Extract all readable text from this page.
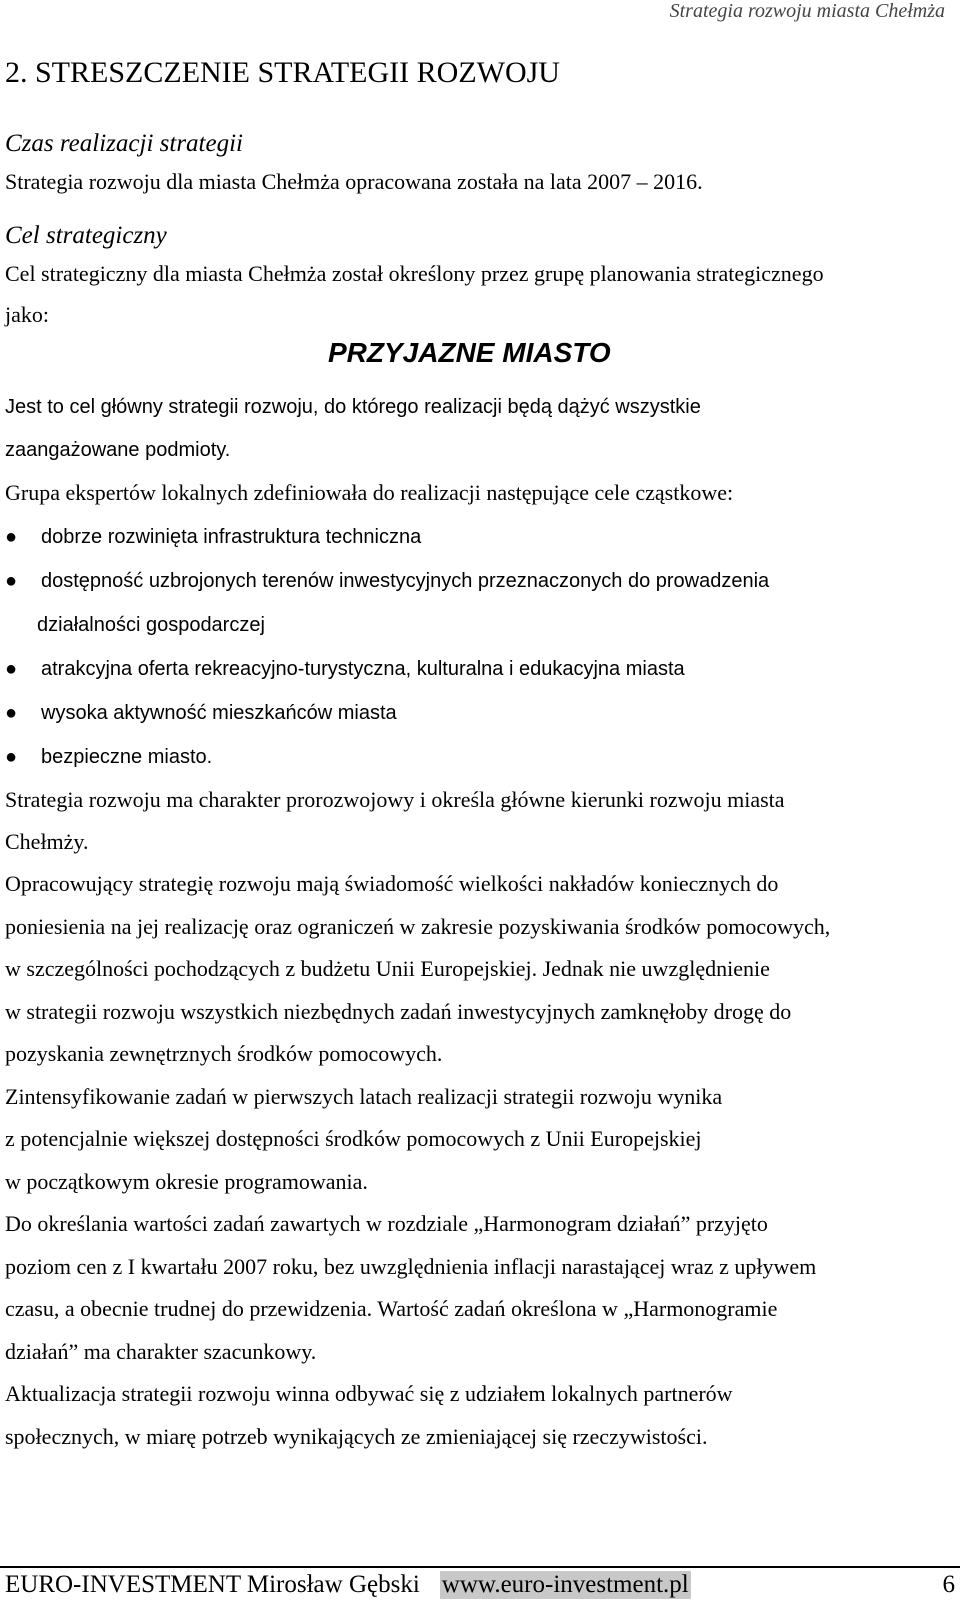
Strategia rozwoju miasta Chełmża
2. STRESZCZENIE STRATEGII ROZWOJU
Czas realizacji strategii
Strategia rozwoju dla miasta Chełmża opracowana została na lata 2007 – 2016.
Cel strategiczny
Cel strategiczny dla miasta Chełmża został określony przez grupę planowania strategicznego
jako:
PRZYJAZNE MIASTO
Jest to cel główny strategii rozwoju, do którego realizacji będą dążyć wszystkie
zaangażowane podmioty.
Grupa ekspertów lokalnych zdefiniowała do realizacji następujące cele cząstkowe:
● dobrze rozwinięta infrastruktura techniczna
● dostępność uzbrojonych terenów inwestycyjnych przeznaczonych do prowadzenia
działalności gospodarczej
● atrakcyjna oferta rekreacyjno-turystyczna, kulturalna i edukacyjna miasta
● wysoka aktywność mieszkańców miasta
● bezpieczne miasto.
Strategia rozwoju ma charakter prorozwojowy i określa główne kierunki rozwoju miasta
Chełmży.
Opracowujący strategię rozwoju mają świadomość wielkości nakładów koniecznych do
poniesienia na jej realizację oraz ograniczeń w zakresie pozyskiwania środków pomocowych,
w szczególności pochodzących z budżetu Unii Europejskiej. Jednak nie uwzględnienie
w strategii rozwoju wszystkich niezbędnych zadań inwestycyjnych zamknęłoby drogę do
pozyskania zewnętrznych środków pomocowych.
Zintensyfikowanie zadań w pierwszych latach realizacji strategii rozwoju wynika
z potencjalnie większej dostępności środków pomocowych z Unii Europejskiej
w początkowym okresie programowania.
Do określania wartości zadań zawartych w rozdziale „Harmonogram działań” przyjęto
poziom cen z I kwartału 2007 roku, bez uwzględnienia inflacji narastającej wraz z upływem
czasu, a obecnie trudnej do przewidzenia. Wartość zadań określona w „Harmonogramie
działań” ma charakter szacunkowy.
Aktualizacja strategii rozwoju winna odbywać się z udziałem lokalnych partnerów
społecznych, w miarę potrzeb wynikających ze zmieniającej się rzeczywistości.
EURO-INVESTMENT Mirosław Gębski www.euro-investment.pl	6
